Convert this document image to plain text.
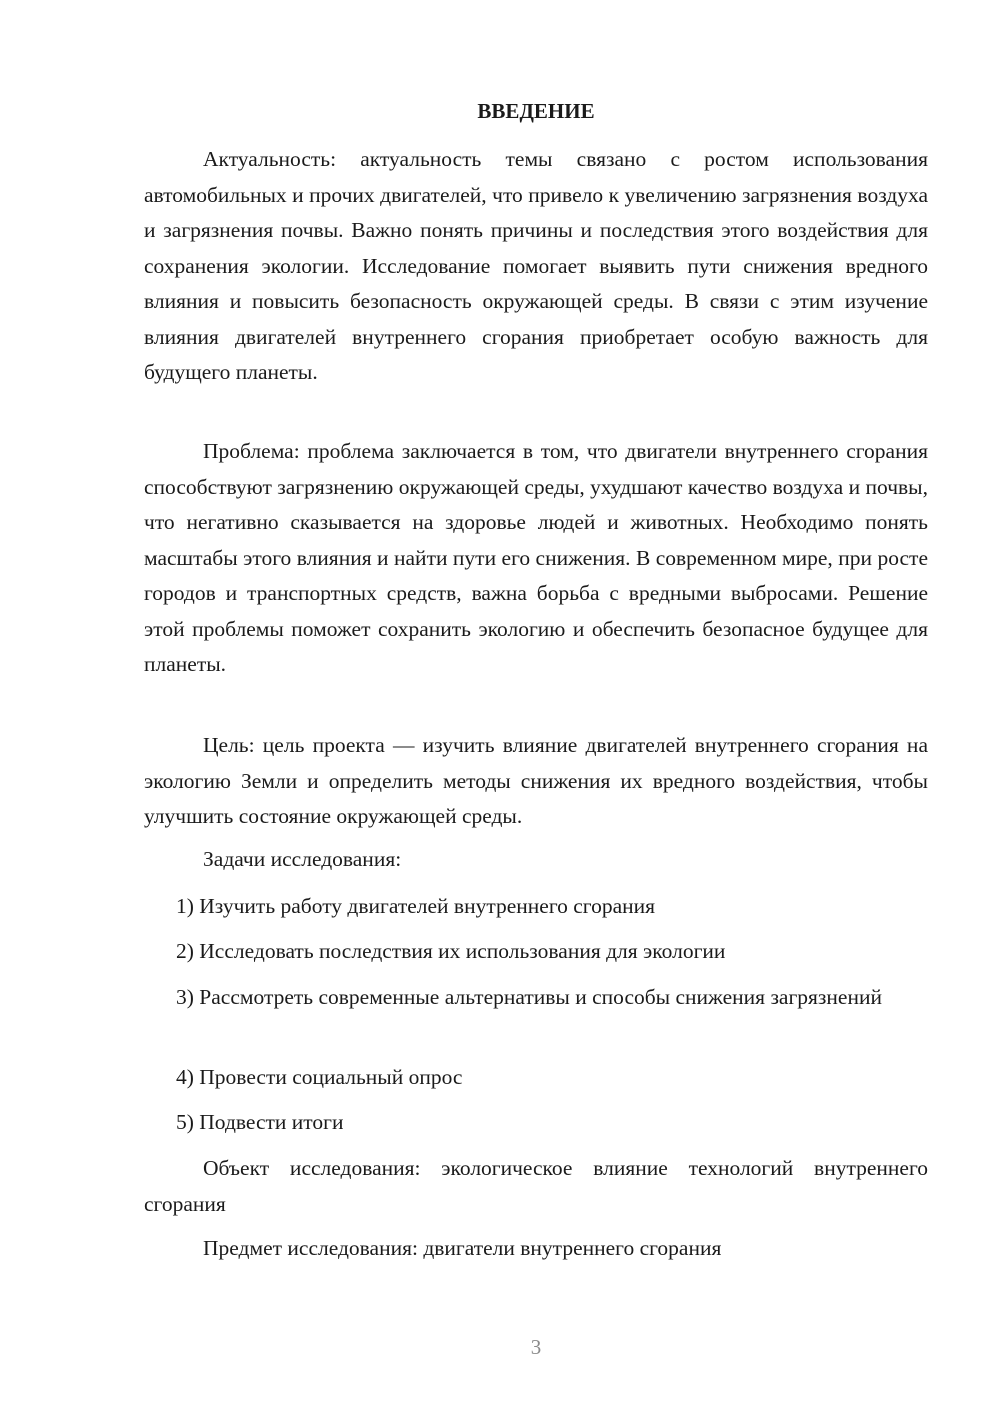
ВВЕДЕНИЕ

Актуальность: актуальность темы связано с ростом использования автомобильных и прочих двигателей, что привело к увеличению загрязнения воздуха и загрязнения почвы. Важно понять причины и последствия этого воздействия для сохранения экологии. Исследование помогает выявить пути снижения вредного влияния и повысить безопасность окружающей среды. В связи с этим изучение влияния двигателей внутреннего сгорания приобретает особую важность для будущего планеты.

Проблема: проблема заключается в том, что двигатели внутреннего сгорания способствуют загрязнению окружающей среды, ухудшают качество воздуха и почвы, что негативно сказывается на здоровье людей и животных. Необходимо понять масштабы этого влияния и найти пути его снижения. В современном мире, при росте городов и транспортных средств, важна борьба с вредными выбросами. Решение этой проблемы поможет сохранить экологию и обеспечить безопасное будущее для планеты.

Цель: цель проекта — изучить влияние двигателей внутреннего сгорания на экологию Земли и определить методы снижения их вредного воздействия, чтобы улучшить состояние окружающей среды.

Задачи исследования:

1) Изучить работу двигателей внутреннего сгорания

2) Исследовать последствия их использования для экологии

3) Рассмотреть современные альтернативы и способы снижения загрязнений

4) Провести социальный опрос

5) Подвести итоги

Объект исследования: экологическое влияние технологий внутреннего сгорания

Предмет исследования: двигатели внутреннего сгорания

3
